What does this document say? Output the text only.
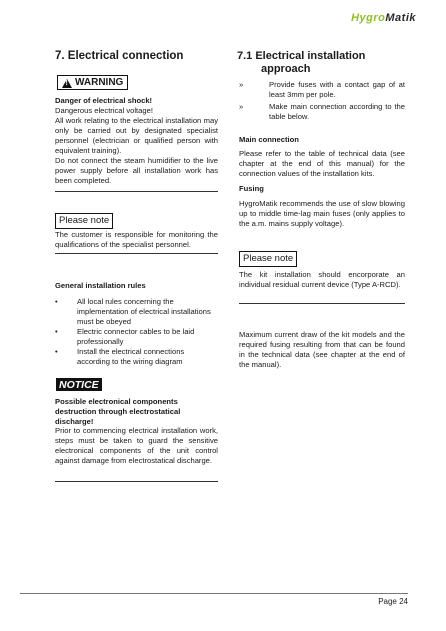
HygroMatik
7. Electrical connection
! WARNING
Danger of electrical shock!
Dangerous electrical voltage!
All work relating to the electrical installation may only be carried out by designated specialist personnel (electrician or qualified person with equivalent training).
Do not connect the steam humidifier to the live power supply before all installation work has been completed.
Please note
The customer is responsible for monitoring the qualifications of the specialist personnel.
General installation rules
•	All local rules concerning the implementation of electrical installations must be obeyed
•	Electric connector cables to be laid professionally
•	Install the electrical connections according to the wiring diagram
NOTICE
Possible electronical components destruction through electrostatical discharge!
Prior to commencing electrical installation work, steps must be taken to guard the sensitive electronical components of the unit control against damage from electrostatical discharge.
7.1 Electrical installation
approach
»	Provide fuses with a contact gap of at least 3mm per pole.
»	Make main connection according to the table below.
Main connection
Please refer to the table of technical data (see chapter at the end of this manual) for the connection values of the installation kits.
Fusing
HygroMatik recommends the use of slow blowing up to middle time-lag main fuses (only applies to the a.m. mains supply voltage).
Please note
The kit installation should encorporate an individual residual current device (Type A-RCD).
Maximum current draw of the kit models and the required fusing resulting from that can be found in the technical data (see chapter at the end of the manual).
Page 24
